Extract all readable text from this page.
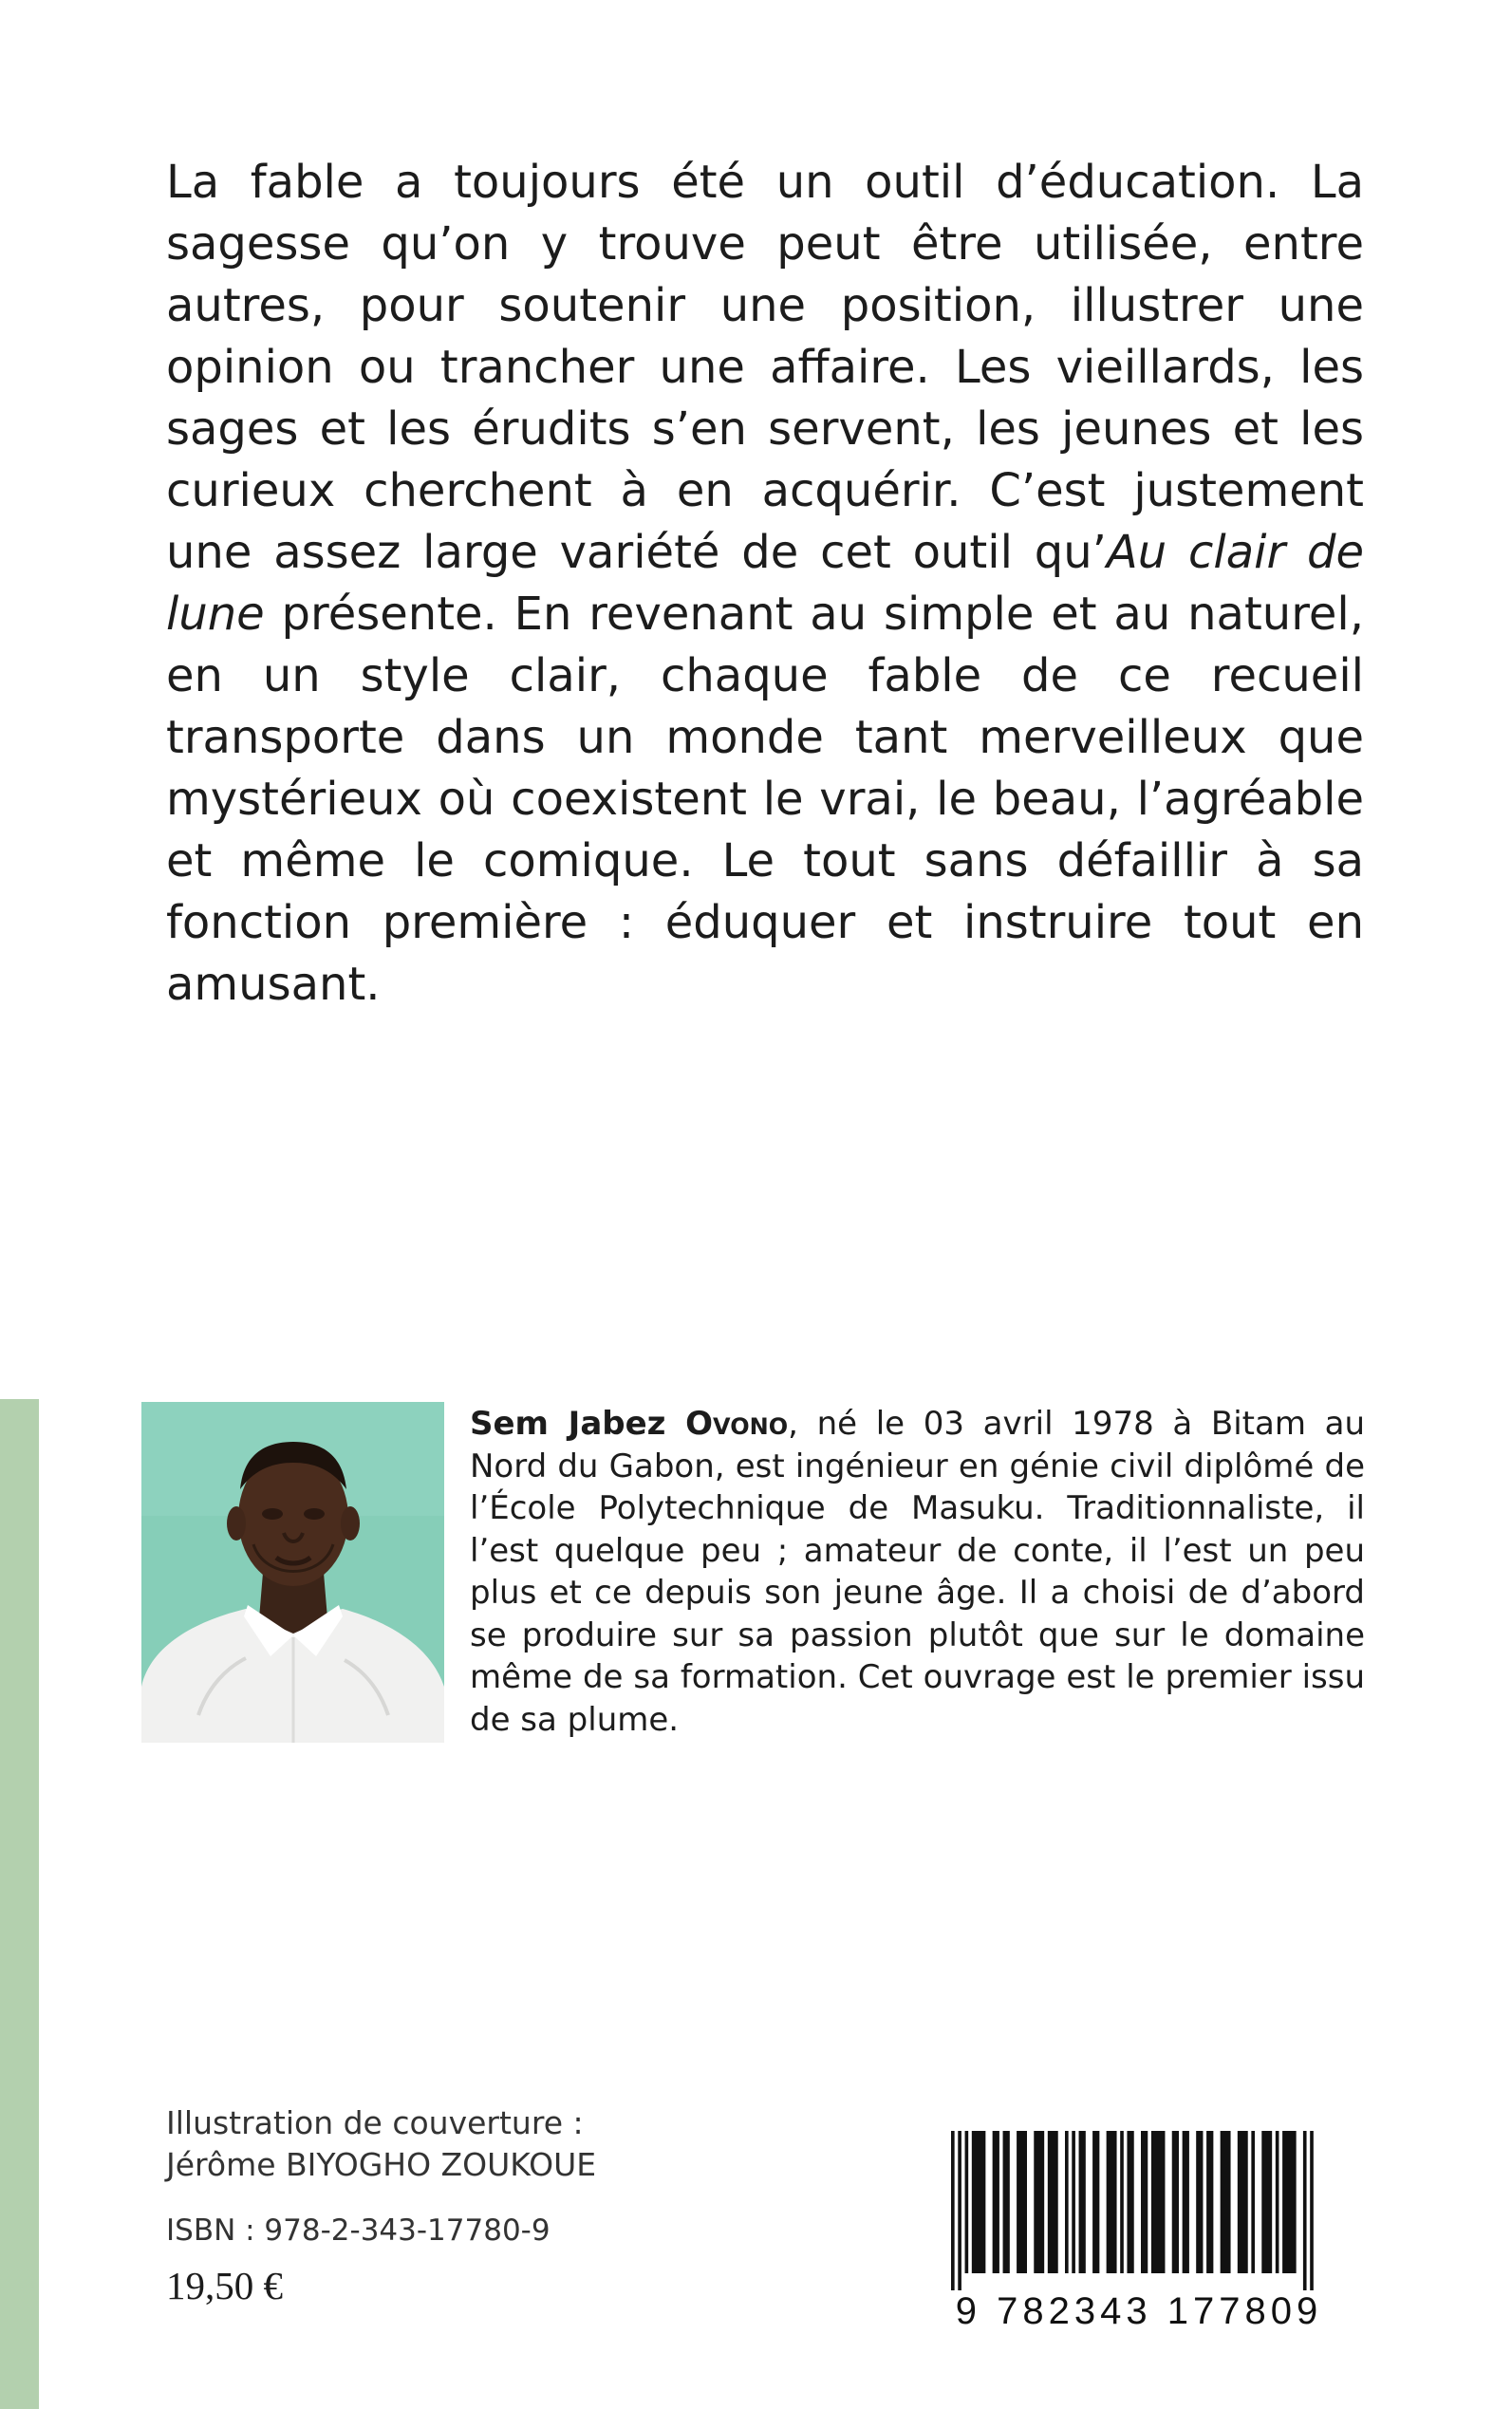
La fable a toujours été un outil d’éducation. La sagesse qu’on y trouve peut être utilisée, entre autres, pour soutenir une position, illustrer une opinion ou trancher une affaire. Les vieillards, les sages et les érudits s’en servent, les jeunes et les curieux cherchent à en acquérir. C’est justement une assez large variété de cet outil qu’Au clair de lune présente. En revenant au simple et au naturel, en un style clair, chaque fable de ce recueil transporte dans un monde tant merveilleux que mystérieux où coexistent le vrai, le beau, l’agréable et même le comique. Le tout sans défaillir à sa fonction première : éduquer et instruire tout en amusant.

Sem Jabez Ovono, né le 03 avril 1978 à Bitam au Nord du Gabon, est ingénieur en génie civil diplômé de l’École Polytechnique de Masuku. Traditionnaliste, il l’est quelque peu ; amateur de conte, il l’est un peu plus et ce depuis son jeune âge. Il a choisi de d’abord se produire sur sa passion plutôt que sur le domaine même de sa formation. Cet ouvrage est le premier issu de sa plume.

Illustration de couverture :
Jérôme BIYOGHO ZOUKOUE
ISBN : 978-2-343-17780-9
19,50 €
9 782343 177809
